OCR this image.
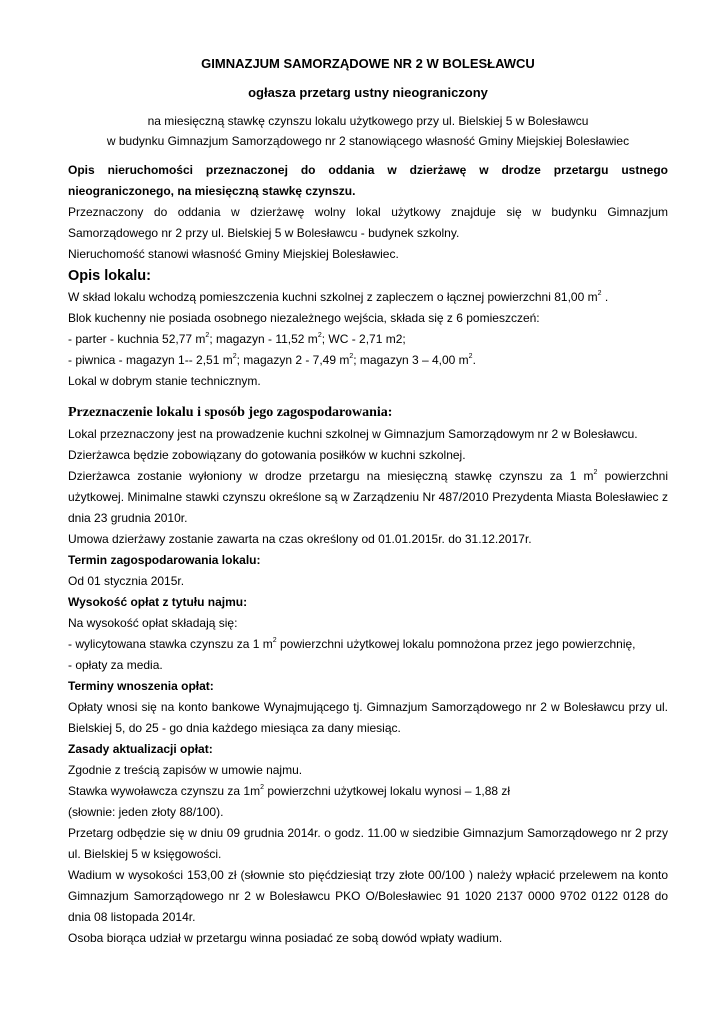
GIMNAZJUM SAMORZĄDOWE NR 2 W BOLESŁAWCU
ogłasza przetarg ustny nieograniczony
na miesięczną stawkę czynszu lokalu użytkowego przy ul. Bielskiej 5 w Bolesławcu
w budynku Gimnazjum Samorządowego nr 2 stanowiącego własność Gminy Miejskiej Bolesławiec

Opis nieruchomości przeznaczonej do oddania w dzierżawę w drodze przetargu ustnego nieograniczonego, na miesięczną stawkę czynszu.

Przeznaczony do oddania w dzierżawę wolny lokal użytkowy znajduje się w budynku Gimnazjum Samorządowego nr 2 przy ul. Bielskiej 5 w Bolesławcu - budynek szkolny.

Nieruchomość stanowi własność Gminy Miejskiej Bolesławiec.

Opis lokalu:

W skład lokalu wchodzą pomieszczenia kuchni szkolnej z zapleczem o łącznej powierzchni 81,00 $m^2$ .

Blok kuchenny nie posiada osobnego niezależnego wejścia, składa się z 6 pomieszczeń:

- parter - kuchnia 52,77 $m^2$; magazyn - 11,52 $m^2$; WC - 2,71 m2;

- piwnica - magazyn 1-- 2,51 $m^2$; magazyn 2 - 7,49 $m^2$; magazyn 3 – 4,00 $m^2$.

Lokal w dobrym stanie technicznym.

Przeznaczenie lokalu i sposób jego zagospodarowania:

Lokal przeznaczony jest na prowadzenie kuchni szkolnej w Gimnazjum Samorządowym nr 2 w Bolesławcu.

Dzierżawca będzie zobowiązany do gotowania posiłków w kuchni szkolnej.

Dzierżawca zostanie wyłoniony w drodze przetargu na miesięczną stawkę czynszu za 1 $m^2$ powierzchni użytkowej. Minimalne stawki czynszu określone są w Zarządzeniu Nr 487/2010 Prezydenta Miasta Bolesławiec z dnia 23 grudnia 2010r.

Umowa dzierżawy zostanie zawarta na czas określony od 01.01.2015r. do 31.12.2017r.

Termin zagospodarowania lokalu:

Od 01 stycznia 2015r.

Wysokość opłat z tytułu najmu:

Na wysokość opłat składają się:

- wylicytowana stawka czynszu za 1 $m^2$ powierzchni użytkowej lokalu pomnożona przez jego powierzchnię,

- opłaty za media.

Terminy wnoszenia opłat:

Opłaty wnosi się na konto bankowe Wynajmującego tj. Gimnazjum Samorządowego nr 2 w Bolesławcu przy ul. Bielskiej 5, do 25 - go dnia każdego miesiąca za dany miesiąc.

Zasady aktualizacji opłat:

Zgodnie z treścią zapisów w umowie najmu.

Stawka wywoławcza czynszu za $1m^2$ powierzchni użytkowej lokalu wynosi – 1,88 zł

(słownie: jeden złoty 88/100).

Przetarg odbędzie się w dniu 09 grudnia 2014r. o godz. 11.00 w siedzibie Gimnazjum Samorządowego nr 2 przy ul. Bielskiej 5 w księgowości.

Wadium w wysokości 153,00 zł (słownie sto pięćdziesiąt trzy złote 00/100 ) należy wpłacić przelewem na konto Gimnazjum Samorządowego nr 2 w Bolesławcu PKO O/Bolesławiec 91 1020 2137 0000 9702 0122 0128 do dnia 08 listopada 2014r.

Osoba biorąca udział w przetargu winna posiadać ze sobą dowód wpłaty wadium.
